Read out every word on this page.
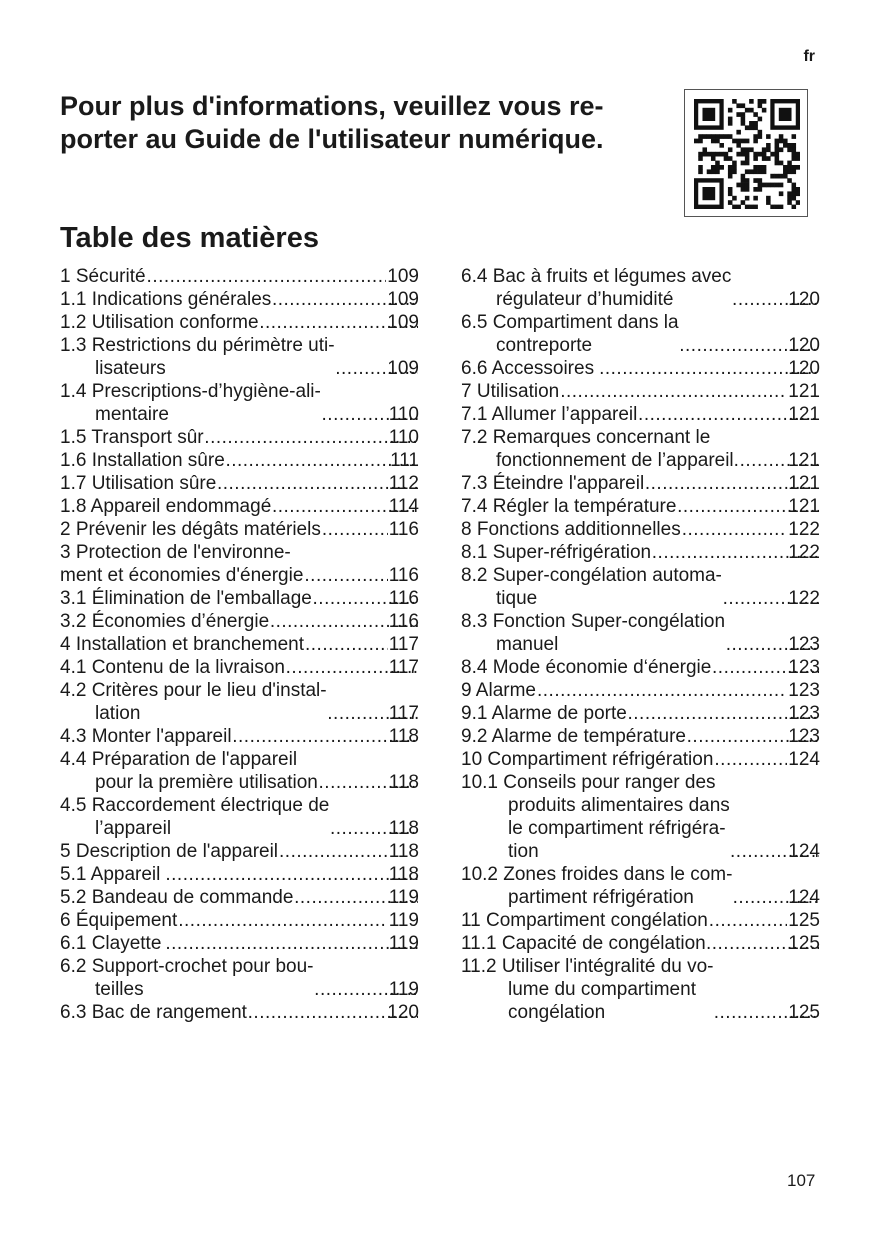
fr
Pour plus d'informations, veuillez vous re-
porter au Guide de l'utilisateur numérique.
Table des matières
1 Sécurité .....	109
1.1 Indications générales .....	109
1.2 Utilisation conforme .....	109
1.3 Restrictions du périmètre uti-
lisateurs .....	109
1.4 Prescriptions-d’hygiène-ali-
mentaire .....	110
1.5 Transport sûr .....	110
1.6 Installation sûre .....	111
1.7 Utilisation sûre .....	112
1.8 Appareil endommagé .....	114
2 Prévenir les dégâts matériels .....	116
3 Protection de l'environne-
ment et économies d'énergie .....	116
3.1 Élimination de l'emballage .....	116
3.2 Économies d’énergie .....	116
4 Installation et branchement .....	117
4.1 Contenu de la livraison .....	117
4.2 Critères pour le lieu d'instal-
lation .....	117
4.3 Monter l'appareil .....	118
4.4 Préparation de l'appareil
pour la première utilisation .....	118
4.5 Raccordement électrique de
l’appareil .....	118
5 Description de l'appareil .....	118
5.1 Appareil .....	118
5.2 Bandeau de commande .....	119
6 Équipement .....	119
6.1 Clayette .....	119
6.2 Support-crochet pour bou-
teilles .....	119
6.3 Bac de rangement .....	120
6.4 Bac à fruits et légumes avec
régulateur d’humidité .....	120
6.5 Compartiment dans la
contreporte .....	120
6.6 Accessoires .....	120
7 Utilisation .....	121
7.1 Allumer l’appareil .....	121
7.2 Remarques concernant le
fonctionnement de l’appareil. .....	121
7.3 Éteindre l'appareil .....	121
7.4 Régler la température .....	121
8 Fonctions additionnelles .....	122
8.1 Super-réfrigération .....	122
8.2 Super-congélation automa-
tique .....	122
8.3 Fonction Super-congélation
manuel .....	123
8.4 Mode économie d‘énergie .....	123
9 Alarme .....	123
9.1 Alarme de porte .....	123
9.2 Alarme de température .....	123
10 Compartiment réfrigération .....	124
10.1 Conseils pour ranger des
produits alimentaires dans
le compartiment réfrigéra-
tion .....	124
10.2 Zones froides dans le com-
partiment réfrigération .....	124
11 Compartiment congélation .....	125
11.1 Capacité de congélation .....	125
11.2 Utiliser l'intégralité du vo-
lume du compartiment
congélation .....	125
107
